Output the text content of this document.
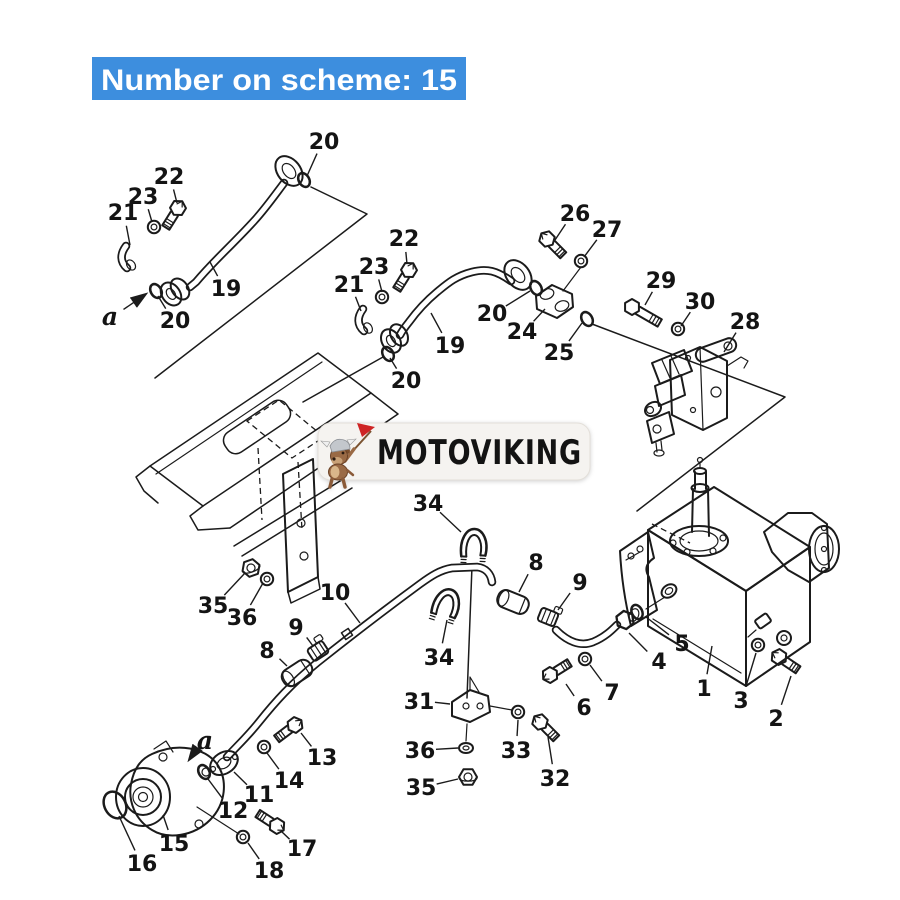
MOTOVIKING
Number on scheme: 15
20
22
23
21
19
a 20
22
23
21
19
20
20
24
25
26
27
29
30
28
34
8
9
10
35
36 9
8	34
5
4
1 3
2
7
6
31
36
35
33
32
a
13
14
11
12
15
16	18
17
